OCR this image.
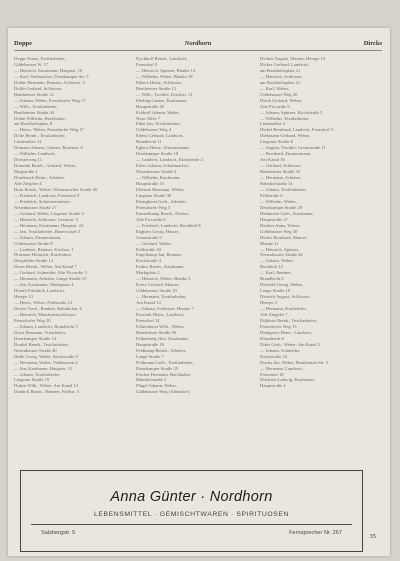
Doppe	Nordhorn	Dircks
Doppe Franz, Textilarbeiter,
Gildehauser W. 17
— Heinrich, Kaufmann, Hauptstr. 10
— Karl, Stellmacher, Denekamper Str. 5
Dobbe Hermann, Rentner, Achterstr. 3
Dohle Gerhard, Schlosser,
Bentheimer Straße 21
— Johann, Weber, Frensdorfer Weg 17
— Wilh., Textilarbeiter,
Bentheimer Straße 44
Dohm Wilhelm, Buchhalter,
am Bookholtsplatz 8
— Heinr., Weber, Frensdorfer Weg 17
Dolle Bernh., Textilarbeiter,
Lindenallee 14
Domann Johann, Gärtner, Rosenstr. 6
— Wilhelm, Landwirt,
Dreisterweg 11
Dominik Bernh., Gerhard, Weber,
Burgstraße 1
Dornbusch Heinr., Arbeiter,
Alte Ziegelei 4
Dorn Bernh., Weber, Wietmarscher Straße 30
— Friedrich, Landwirt, Frensdorf 9
— Friedrich, Schreinermeister,
Neuenhauser Straße 27
— Gerhard, Weber, Lingener Straße 2
— Heinrich, Schlosser, Grenzstr. 5
— Hermann, Kaufmann, Hauptstr. 22
— Jan, Textilarbeiter, Bauerschaft 3
— Johann, Zimmermann,
Gildehauser Straße 8
— Lambert, Rentner, Kirchstr. 1
Dotzauer Heinrich, Kraftfahrer,
Deegfelder Straße 12
Drees Bernh., Weber, Am Kanal 7
— Gerhard, Schneider, Alte Piccardie 3
— Hermann, Arbeiter, Lange Straße 15
— Jan, Kaufmann, Marktplatz 4
Drenth Friedrich, Landwirt,
Hesepe 21
— Heinr., Weber, Feldstraße 12
Dreyer Gerh., Rentner, Bahnhofstr. 6
— Heinrich, Maschinenschlosser,
Frensdorfer Weg 20
— Johann, Landwirt, Brandlecht 5
Drost Hermann, Vorarbeiter,
Denekamper Straße 14
Dunkel Bernh., Textilarbeiter,
Neuenhauser Straße 40
Dulle Georg, Weber, Kirchstraße 9
— Hermann, Weber, Veldhausen 2
— Jan, Kaufmann, Hauptstr. 31
— Johann, Textilarbeiter,
Lingener Straße 19
Duken Wilh., Weber, Am Kanal 12
Dünhöft Bernh., Rentner, Feldstr. 3
Dyckhoff Bernh., Landwirt,
Frensdorf 2
— Heinrich, Spinner, Blanke 14
— Wilhelm, Weber, Blanke 18
Ebbers Heinr., Schlosser,
Bentheimer Straße 12
— Wilh., Tischler, Kirchstr. 11
Ebeling Gustav, Kaufmann,
Hauptstraße 40
Eckhoff Johann, Weber,
Nino-Allee 7
Eden Jan, Textilarbeiter,
Gildehauser Weg 4
Edens Gerhard, Landwirt,
Brandlecht 11
Egbers Heinr., Zimmermann,
Denekamper Straße 18
— Lambert, Landwirt, Klausheide 2
Eilers Johann, Schuhmacher,
Neuenhauser Straße 3
— Wilhelm, Kaufmann,
Hauptstraße 15
Elferink Hermann, Weber,
Lingener Straße 30
Elsinghorst Gerh., Arbeiter,
Frensdorfer Weg 5
Emmelkamp Bernh., Dreher,
Alte Piccardie 6
— Friedrich, Landwirt, Bookholt 8
Engbers Georg, Heizer,
Grenzstraße 9
— Gerhard, Weber,
Feldstraße 20
Engelkamp Jan, Rentner,
Kirchstraße 4
Esders Bernh., Kaufmann,
Marktplatz 2
— Heinrich, Weber, Blanke 3
Evers Gerhard, Maurer,
Gildehauser Straße 19
— Hermann, Textilarbeiter,
Am Kanal 14
— Johann, Schlosser, Hesepe 7
Ewerink Heinr., Landwirt,
Frensdorf 12
Fahrenhorst Wilh., Weber,
Bentheimer Straße 50
Falkenberg Otto, Kaufmann,
Hauptstraße 18
Feldkamp Bernh., Arbeiter,
Lange Straße 7
Feldmann Gerh., Textilarbeiter,
Denekamper Straße 25
Fischer Hermann, Buchhalter,
Bahnhofstraße 2
Flügel Johann, Weber,
Gildehauser Weg (Altendorf)
Dichter August, Maurer, Hesepe 15
Dicker Gerhard, Landwirt,
am Bookholtsplatz 21
— Heinrich, Schlosser,
am Bookholtsplatz 21
— Karl, Weber,
Gildehauser Weg 20
Dieck Gerhard, Weber,
Alte Piccardie 9
— Johann, Spinner, Kirchstraße 5
— Wilhelm, Textilarbeiter,
Lindenallee 3
Diekel Bernhard, Landwirt, Frensdorf 5
Diekmann Gerhard, Weber,
Lingener Straße 8
— August, Tischler, Grenzstraße 11
— Bernhard, Zimmermann,
Am Kanal 16
— Gerhard, Schlosser,
Bentheimer Straße 33
— Hermann, Arbeiter,
Bahnhofstraße 14
— Johann, Textilarbeiter,
Feldstraße 6
— Wilhelm, Weber,
Denekamper Straße 29
Diekmeier Gerh., Kaufmann,
Hauptstraße 27
Dierkes Anna, Witwe,
Gildehauser Weg 30
Dierks Bernhard, Maurer,
Blanke 21
— Heinrich, Spinner,
Neuenhauser Straße 44
— Johann, Weber,
Bookholt 12
— Karl, Rentner,
Brandlecht 8
Diesfeld Georg, Weber,
Lange Straße 10
Dietrich August, Schlosser,
Hesepe 3
— Hermann, Kraftfahrer,
Alte Ziegelei 7
Dijkhuis Bernh., Textilarbeiter,
Frensdorfer Weg 13
Dinkgreve Heinr., Landwirt,
Klausheide 6
Dirks Gerh., Weber, Am Kanal 2
— Johann, Schneider,
Kirchstraße 22
Dircks Jan, Weber, Bentheimer Str. 5
— Hermann, Landwirt,
Frensdorf 18
Dircksen Ludwig, Kaufmann,
Hauptstraße 1
Anna Günter · Nordhorn
LEBENSMITTEL · GEMISCHTWAREN · SPIRITUOSEN
Salzbergstr. 5	Fernsprecher Nr. 267	35
